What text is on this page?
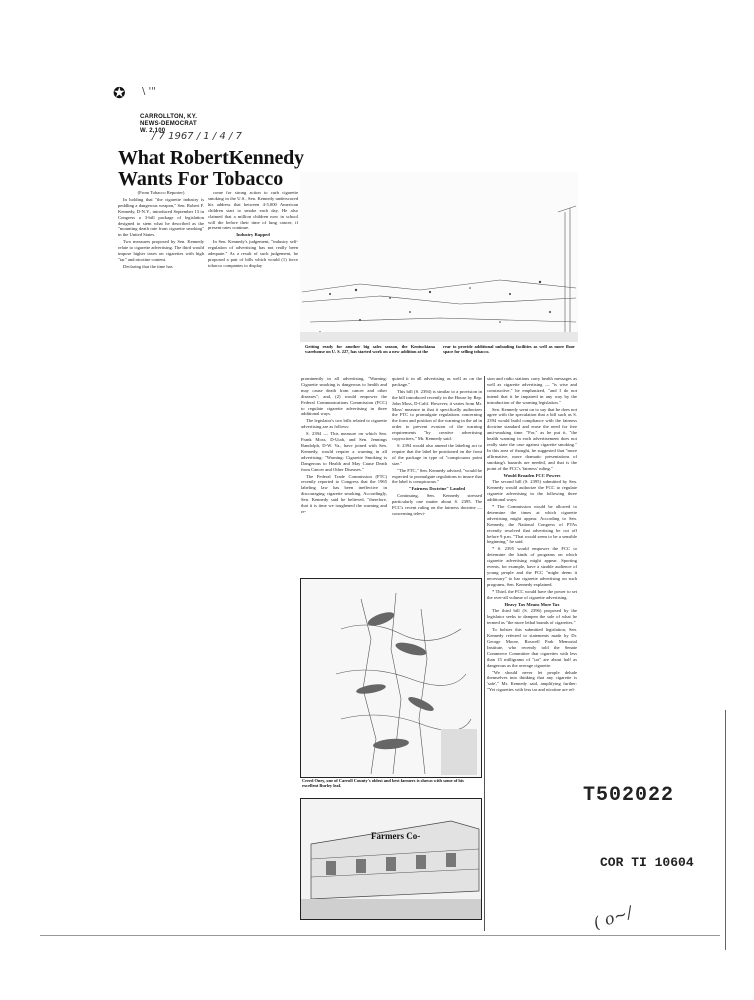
✪ \ '"
CARROLLTON, KY.
NEWS-DEMOCRAT
W. 2,100
/ 7 1967 / 1 / 4 / 7
What RobertKennedy
Wants For Tobacco

(From Tobacco Reporter)

In holding that "the cigarette industry is peddling a dangerous weapon," Sen. Robert F. Kennedy, D-N.Y., introduced September 13 in Congress a 3-bill package of legislation designed to stem what he described as the "mounting death rate from cigarette smoking" in the United States.

Two measures proposed by Sen. Kennedy relate to cigarette advertising. The third would impose higher taxes on cigarettes with high "tar" and nicotine content.

Declaring that the time has

come for strong action to curb cigarette smoking in the U.S., Sen. Kennedy underscored his address that between 4-5,000 American children start to smoke each day. He also claimed that a million children now in school will die before their time of lung cancer, if present rates continue.

Industry Rapped

In Sen. Kennedy's judgement, "industry self-regulation of advertising has not really been adequate." As a result of such judgement, he proposed a pair of bills which would (1) force tobacco companies to display

Getting ready for another big sales season, the Kentuckiana warehouse on U. S. 227, has started work on a new addition at the
rear to provide additional unloading facilities as well as more floor space for selling tobacco.

prominently in all advertising, "Warning: Cigarette smoking is dangerous to health and may cause death from cancer and other diseases"; and, (2) would empower the Federal Communications Commission (FCC) to regulate cigarette advertising in three additional ways.

The legislator's two bills related to cigarette advertising are as follows:

S. 2394 — This measure on which Sen. Frank Moss, D-Utah, and Sen. Jennings Randolph, D-W. Va., have joined with Sen. Kennedy, would require a warning in all advertising: "Warning: Cigarette Smoking is Dangerous to Health and May Cause Death from Cancer and Other Diseases."

The Federal Trade Commission (FTC) recently reported to Congress that the 1965 labeling law has been ineffective in discouraging cigarette smoking. Accordingly, Sen. Kennedy said he believed, "therefore, that it is time we toughened the warning and re-

quired it in all advertising as well as on the package."

This bill (S. 2394) is similar to a provision in the bill introduced recently in the House by Rep. John Moss, D-Calif. However, it varies from Mr. Moss' measure in that it specifically authorizes the FTC to promulgate regulations concerning the form and position of the warning in the ad in order to prevent evasion of the warning requirements "by creative advertising copywriters," Mr. Kennedy said.

S. 2394 would also amend the labeling act to require that the label be positioned on the front of the package in type of "conspicuous point size."

"The FTC," Sen. Kennedy advised, "would be expected to promulgate regulations to insure that the label is conspicuous."

"Fairness Doctrine" Lauded

Continuing, Sen. Kennedy stressed particularly one matter about S. 2395. The FCC's recent ruling on the fairness doctrine — concerning televi-

sion and radio stations carry health messages as well as cigarette advertising — "is wise and constructive," he emphasized, "and I do not intend that it be impaired in any way by the introduction of the warning legislation."

Sen. Kennedy went on to say that he does not agree with the speculation that a bill such as S. 2394 would build compliance with the fairness doctrine standard and erase the need for free anti-smoking time. "For," as he put it, "the health warning in each advertisement does not really state the case against cigarette smoking." In this area of thought, he suggested that "more affirmative, more dramatic presentations of smoking's hazards are needed, and that is the point of the FCC's 'fairness' ruling."

Would Broaden FCC Powers

The second bill (S. 2395) submitted by Sen. Kennedy would authorize the FCC to regulate cigarette advertising in the following three additional ways:

* The Commission would be allowed to determine the times at which cigarette advertising might appear. According to Sen. Kennedy, the National Congress of PTAs recently resolved that advertising be cut off before 9 p.m. "That would seem to be a sensible beginning," he said.

* S. 2395 would empower the FCC to determine the kinds of programs on which cigarette advertising might appear. Sporting events, for example, have a sizable audience of young people and the FCC "might deem it necessary" to bar cigarette advertising on such programs, Sen. Kennedy explained.

* Third, the FCC would have the power to set the over-all volume of cigarette advertising.

Heavy Tax Means More Tax

The third bill (S. 2396) proposed by the legislator seeks to dampen the sale of what he termed as "the more lethal brands of cigarettes."

To bolster this submitted legislation, Sen. Kennedy referred to statements made by Dr. George Moore, Roswell Park Memorial Institute, who recently told the Senate Commerce Committee that cigarettes with less than 15 milligrams of "tar" are about half as dangerous as the average cigarette.

"We should never let people delude themselves into thinking that any cigarette is 'safe'," Mr. Kennedy said, amplifying further: "Yet cigarettes with less tar and nicotine are rel-

Creed Oney, one of Carroll County's oldest and best farmers is shown with some of his excellent Burley leaf.
Farmers Co-
T502022
COR TI 10604
( o~/
